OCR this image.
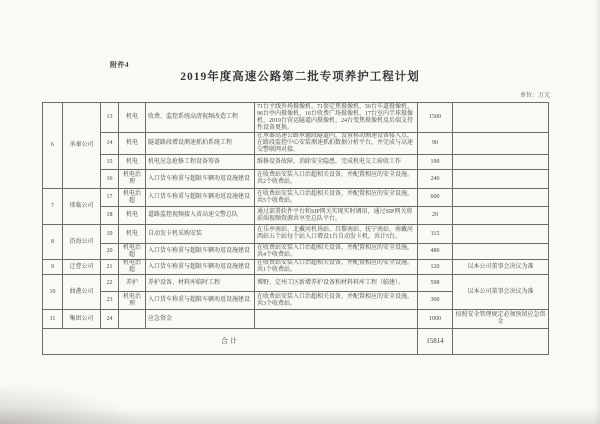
附件4
2019年度高速公路第二批专项养护工程计划
单位：万元
6	承秦公司	13	机电	收费、监控系统高清视频改造工程	71台主线外场摄像机、71套定焦摄像机、56台车道摄像机、96台亭内摄像机、16台收费广场摄像机、17台室内半球摄像机、2019台营运隧道内摄像机、24台变焦摄像机及后端支持性设备更换。	1500	
		14	机电	隧道路段增设测速抓拍系统工程	在承秦高速公路承德段隧道内，设置移动测速设备接入点，在路段监控中心安装测速抓拍数据分析平台，并完成与高速交警联网对接。	90	
		15	机电	机电应急抢修工程设备筹备	维修设备故障，消除安全隐患，完成机电交工验收工作	190	
		16	机电治理	入口货车称重与超限车辆劝返设施建设	在收费站安装入口治超相关设备，并配置相应的安全设施，共2个收费站。	240	
7	邢临公司	17	机电治超	入口货车称重与超限车辆劝返设施建设	在收费站安装入口治超相关设备，并配置相应的安全设施，共5个收费站。	600	
		18	机电	道路监控视频接入省高速交警总队	通过部署软件平台和SIP网关实现实时调用，通过SIP网关将前端视频资源共享至总队平台。	29	
8	沿海公司	19	机电	自动发卡机采购安装	在乐亭南站、北戴河机场站、昌黎南站、抚宁南站、南戴河西站五个站每个站入口增设1台自动发卡机，共计5台。	115	
		20	机电治超	入口货车称重与超限车辆劝返设施建设	在收费站安装入口治超相关设备，并配置相应的安全设施，共4个收费站。	480	
9	迁曹公司	21	机电治超	入口货车称重与超限车辆劝返设施建设	在收费站安装入口治超相关设备，并配置相应的安全设施，共1个收费站。	120	以本公司董事会决议为准
10	曲港公司	22	养护	养护设备、材料库临时工程	博野、定州工区新增养护设备和材料料库工程（临建）。	598	以本公司董事会决议为准
		23	机电治理	入口货车称重与超限车辆劝返设施建设	在收费站安装入口治超相关设备，并配置相应的安全设施，共3个收费站。	360	
11	集团公司	24		应急资金		1000	按照安全管理规定必须预留应急资金
合计						15814	
